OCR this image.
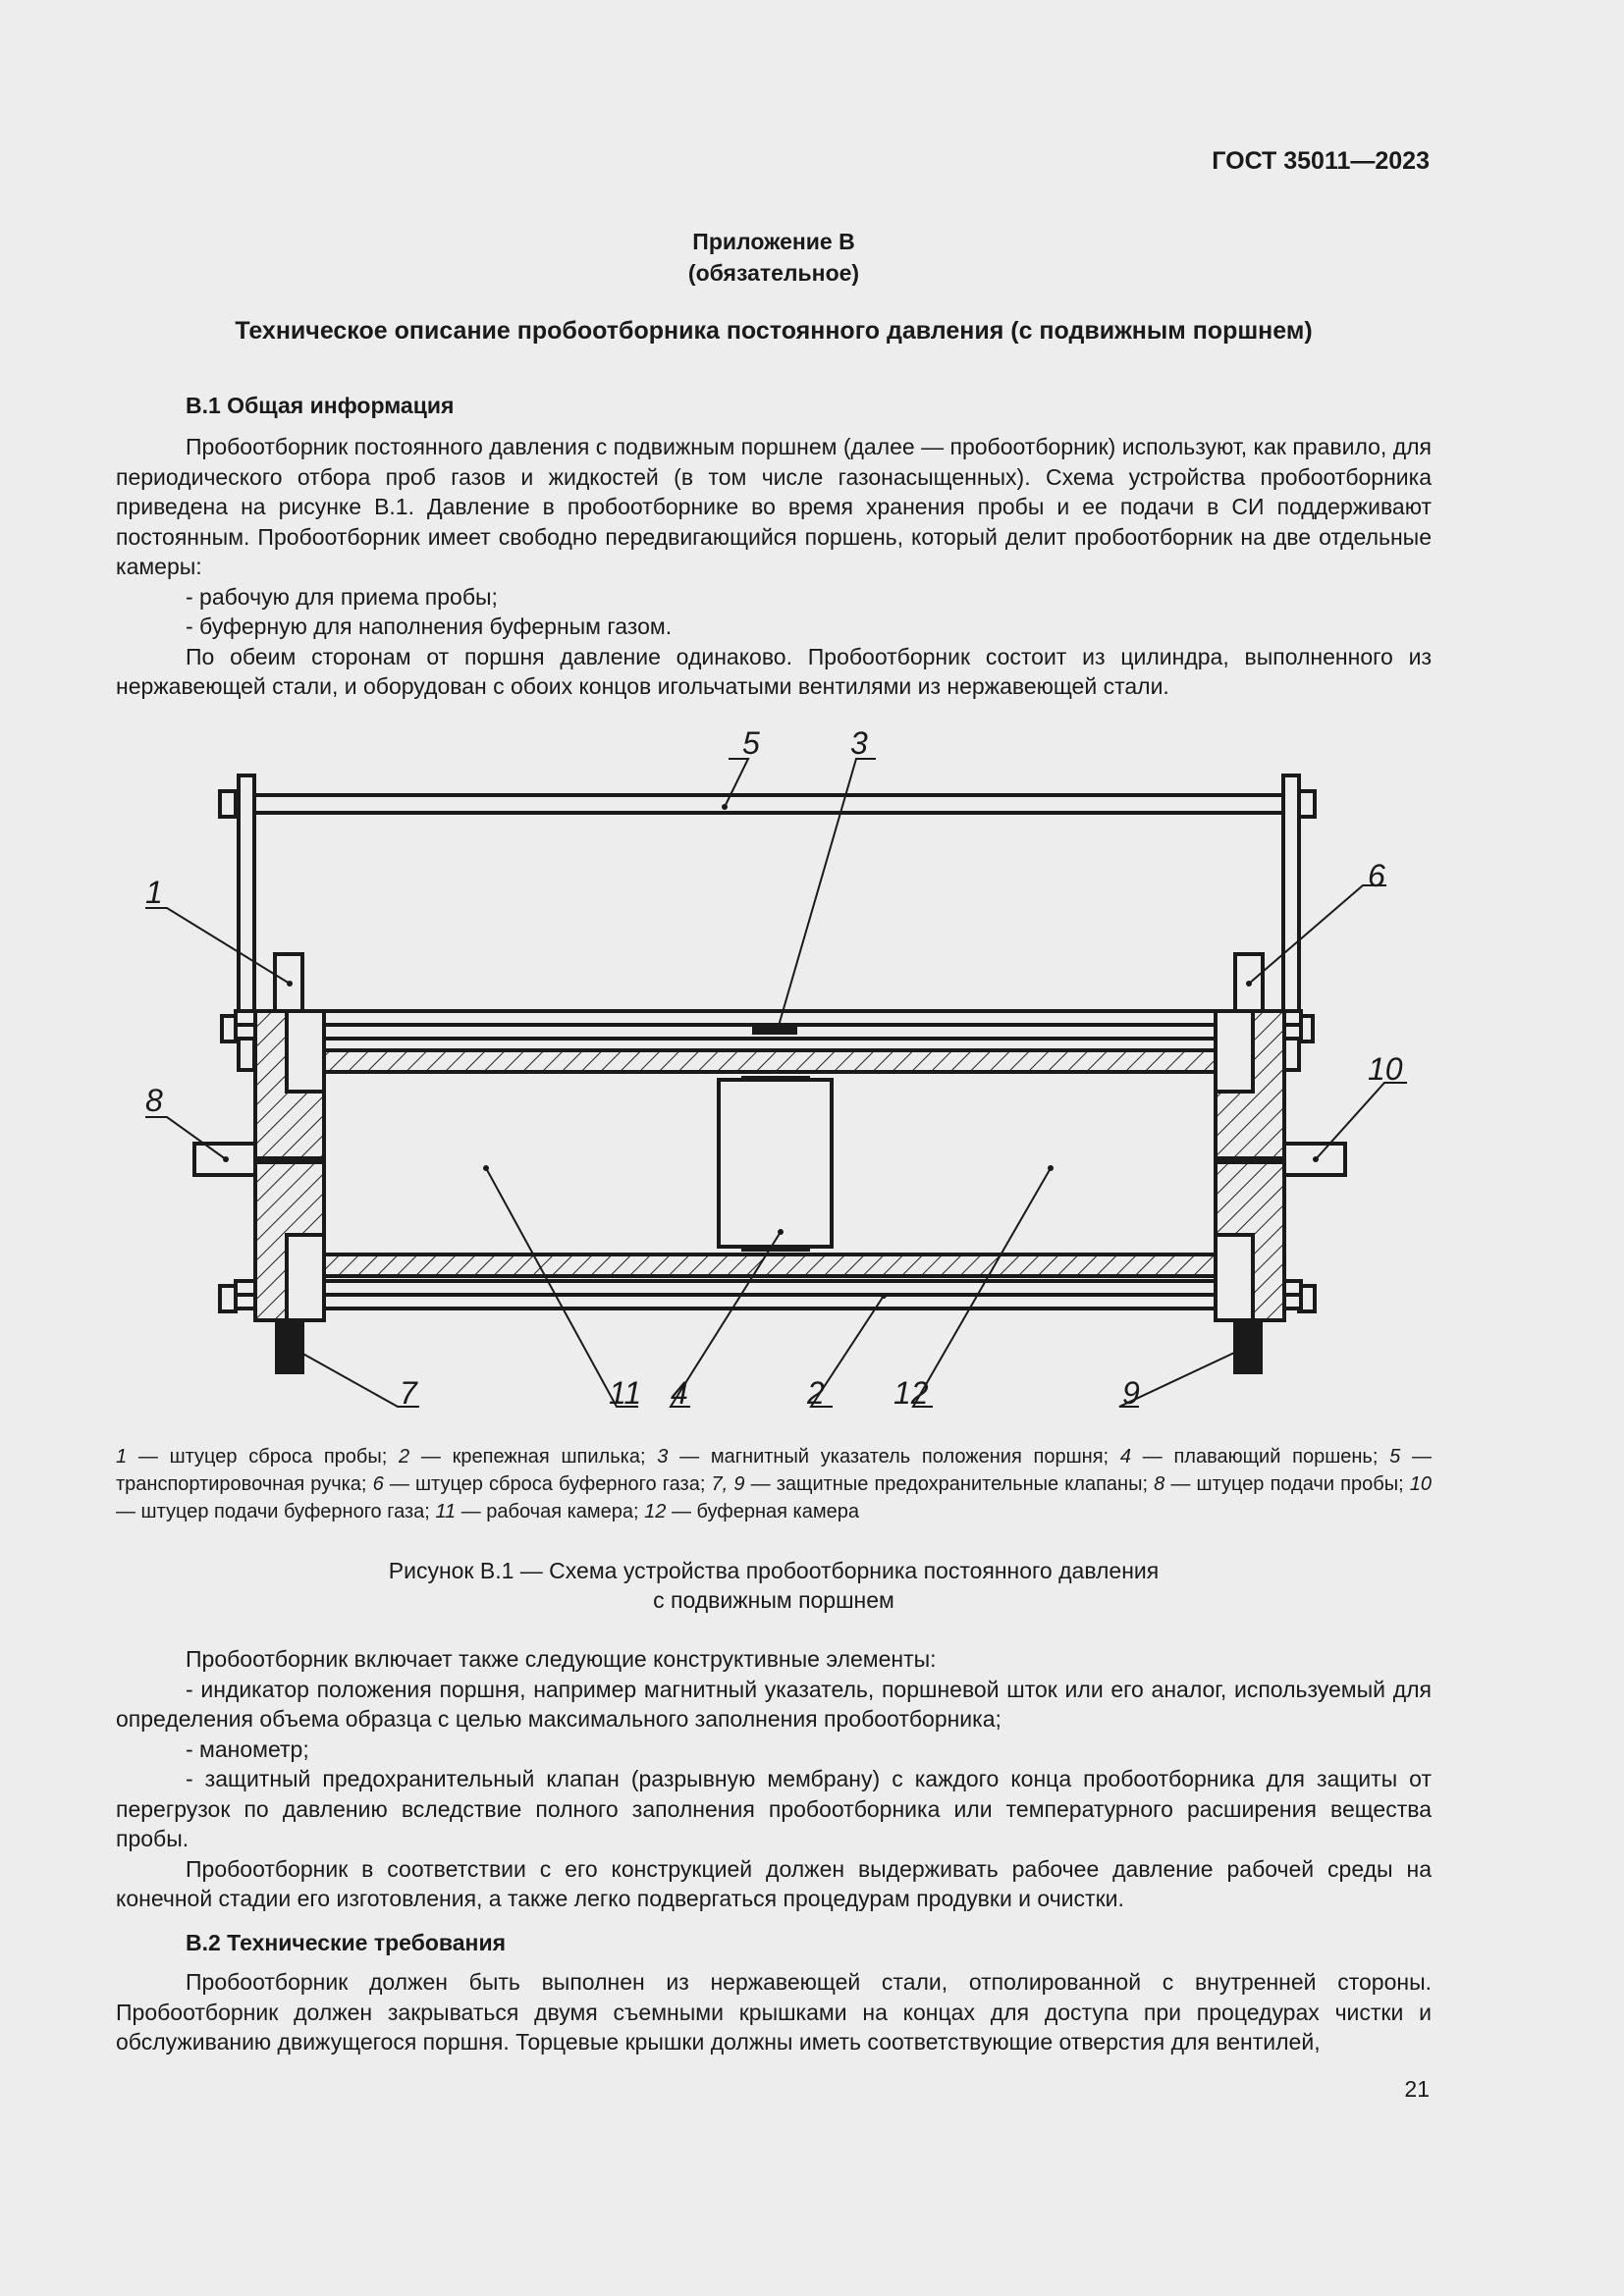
ГОСТ 35011—2023
Приложение В
(обязательное)
Техническое описание пробоотборника постоянного давления (с подвижным поршнем)
В.1 Общая информация

Пробоотборник постоянного давления с подвижным поршнем (далее — пробоотборник) используют, как правило, для периодического отбора проб газов и жидкостей (в том числе газонасыщенных). Схема устройства пробоотборника приведена на рисунке В.1. Давление в пробоотборнике во время хранения пробы и ее подачи в СИ поддерживают постоянным. Пробоотборник имеет свободно передвигающийся поршень, который делит пробоотборник на две отдельные камеры:

- рабочую для приема пробы;

- буферную для наполнения буферным газом.

По обеим сторонам от поршня давление одинаково. Пробоотборник состоит из цилиндра, выполненного из нержавеющей стали, и оборудован с обоих концов игольчатыми вентилями из нержавеющей стали.

1
2
3
4
5
6
7
8
9
10
11	12
1 — штуцер сброса пробы; 2 — крепежная шпилька; 3 — магнитный указатель положения поршня; 4 — плавающий поршень; 5 — транспортировочная ручка; 6 — штуцер сброса буферного газа; 7, 9 — защитные предохранительные клапаны; 8 — штуцер подачи пробы; 10 — штуцер подачи буферного газа; 11 — рабочая камера; 12 — буферная камера
Рисунок В.1 — Схема устройства пробоотборника постоянного давления
с подвижным поршнем

Пробоотборник включает также следующие конструктивные элементы:

- индикатор положения поршня, например магнитный указатель, поршневой шток или его аналог, используемый для определения объема образца с целью максимального заполнения пробоотборника;

- манометр;

- защитный предохранительный клапан (разрывную мембрану) с каждого конца пробоотборника для защиты от перегрузок по давлению вследствие полного заполнения пробоотборника или температурного расширения вещества пробы.

Пробоотборник в соответствии с его конструкцией должен выдерживать рабочее давление рабочей среды на конечной стадии его изготовления, а также легко подвергаться процедурам продувки и очистки.

В.2 Технические требования

Пробоотборник должен быть выполнен из нержавеющей стали, отполированной с внутренней стороны. Пробоотборник должен закрываться двумя съемными крышками на концах для доступа при процедурах чистки и обслуживанию движущегося поршня. Торцевые крышки должны иметь соответствующие отверстия для вентилей,

21
